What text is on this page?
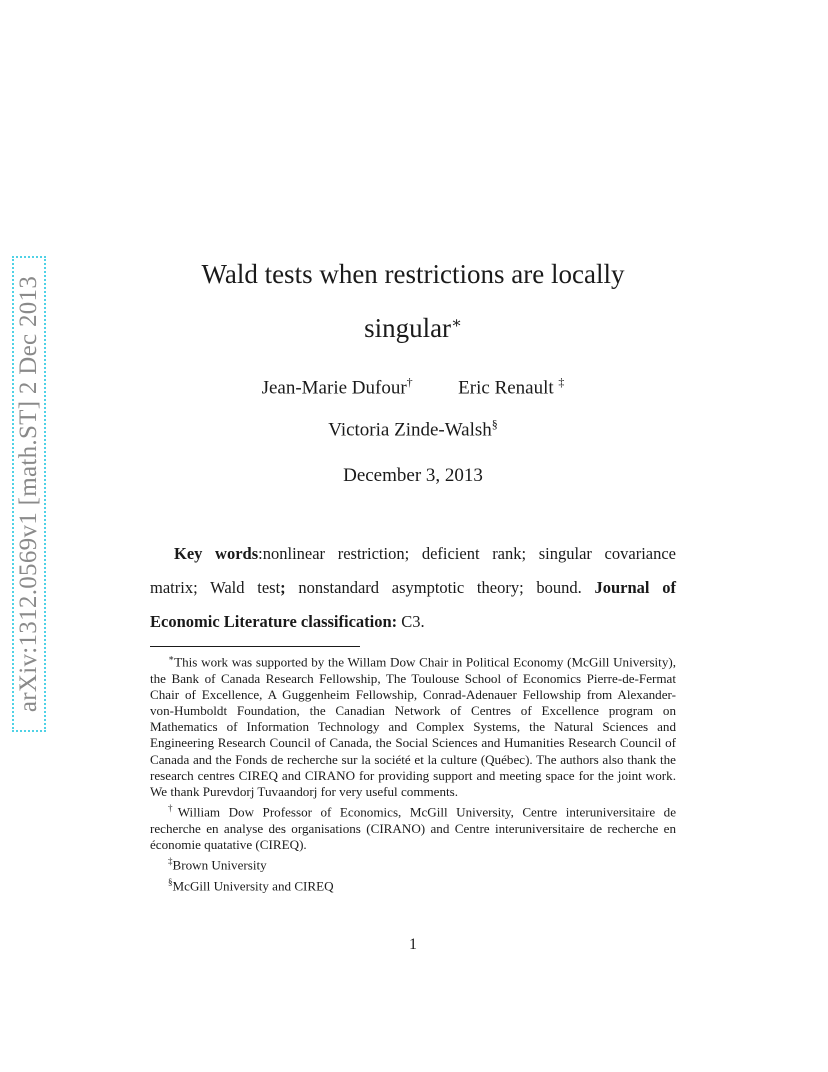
arXiv:1312.0569v1 [math.ST] 2 Dec 2013
Wald tests when restrictions are locally
singular∗
Jean-Marie Dufour† Eric Renault ‡
Victoria Zinde-Walsh§
December 3, 2013

Key words:nonlinear restriction; deficient rank; singular covariance matrix; Wald test; nonstandard asymptotic theory; bound. Journal of Economic Literature classification: C3.

∗This work was supported by the Willam Dow Chair in Political Economy (McGill University), the Bank of Canada Research Fellowship, The Toulouse School of Economics Pierre-de-Fermat Chair of Excellence, A Guggenheim Fellowship, Conrad-Adenauer Fellowship from Alexander-von-Humboldt Foundation, the Canadian Network of Centres of Excellence program on Mathematics of Information Technology and Complex Systems, the Natural Sciences and Engineering Research Council of Canada, the Social Sciences and Humanities Research Council of Canada and the Fonds de recherche sur la société et la culture (Québec). The authors also thank the research centres CIREQ and CIRANO for providing support and meeting space for the joint work. We thank Purevdorj Tuvaandorj for very useful comments.

†William Dow Professor of Economics, McGill University, Centre interuniversitaire de recherche en analyse des organisations (CIRANO) and Centre interuniversitaire de recherche en économie quatative (CIREQ).

‡Brown University

§McGill University and CIREQ

1
